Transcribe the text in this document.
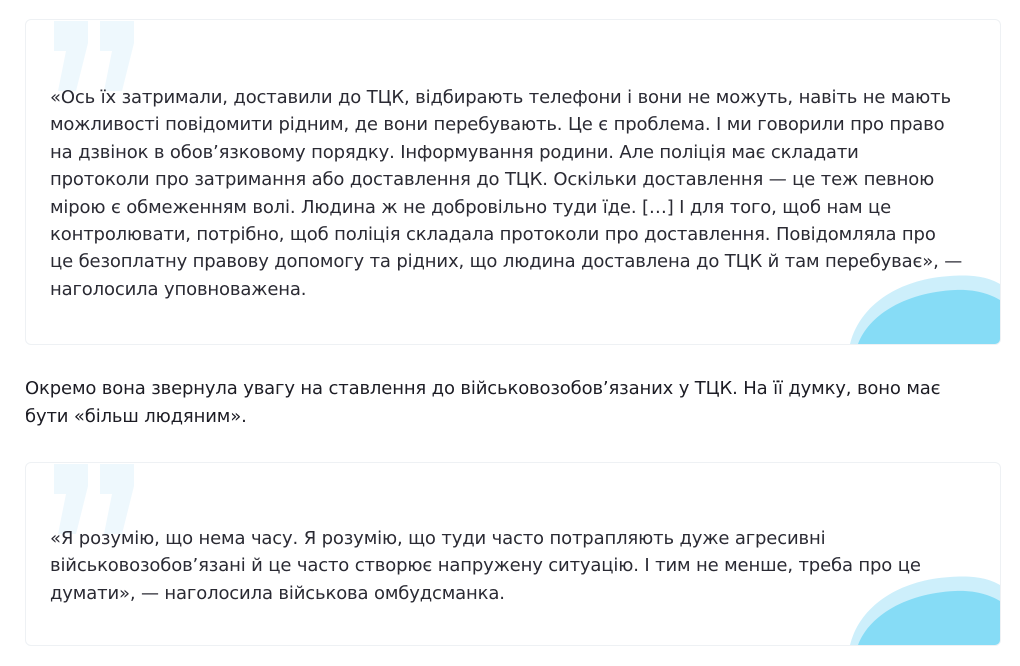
«Ось їх затримали, доставили до ТЦК, відбирають телефони і вони не можуть, навіть не мають
можливості повідомити рідним, де вони перебувають. Це є проблема. І ми говорили про право
на дзвінок в обов’язковому порядку. Інформування родини. Але поліція має складати
протоколи про затримання або доставлення до ТЦК. Оскільки доставлення — це теж певною
мірою є обмеженням волі. Людина ж не добровільно туди їде. […] І для того, щоб нам це
контролювати, потрібно, щоб поліція складала протоколи про доставлення. Повідомляла про
це безоплатну правову допомогу та рідних, що людина доставлена до ТЦК й там перебуває», —
наголосила уповноважена.

Окремо вона звернула увагу на ставлення до військовозобов’язаних у ТЦК. На її думку, воно має
бути «більш людяним».

«Я розумію, що нема часу. Я розумію, що туди часто потрапляють дуже агресивні
військовозобов’язані й це часто створює напружену ситуацію. І тим не менше, треба про це
думати», — наголосила військова омбудсманка.
